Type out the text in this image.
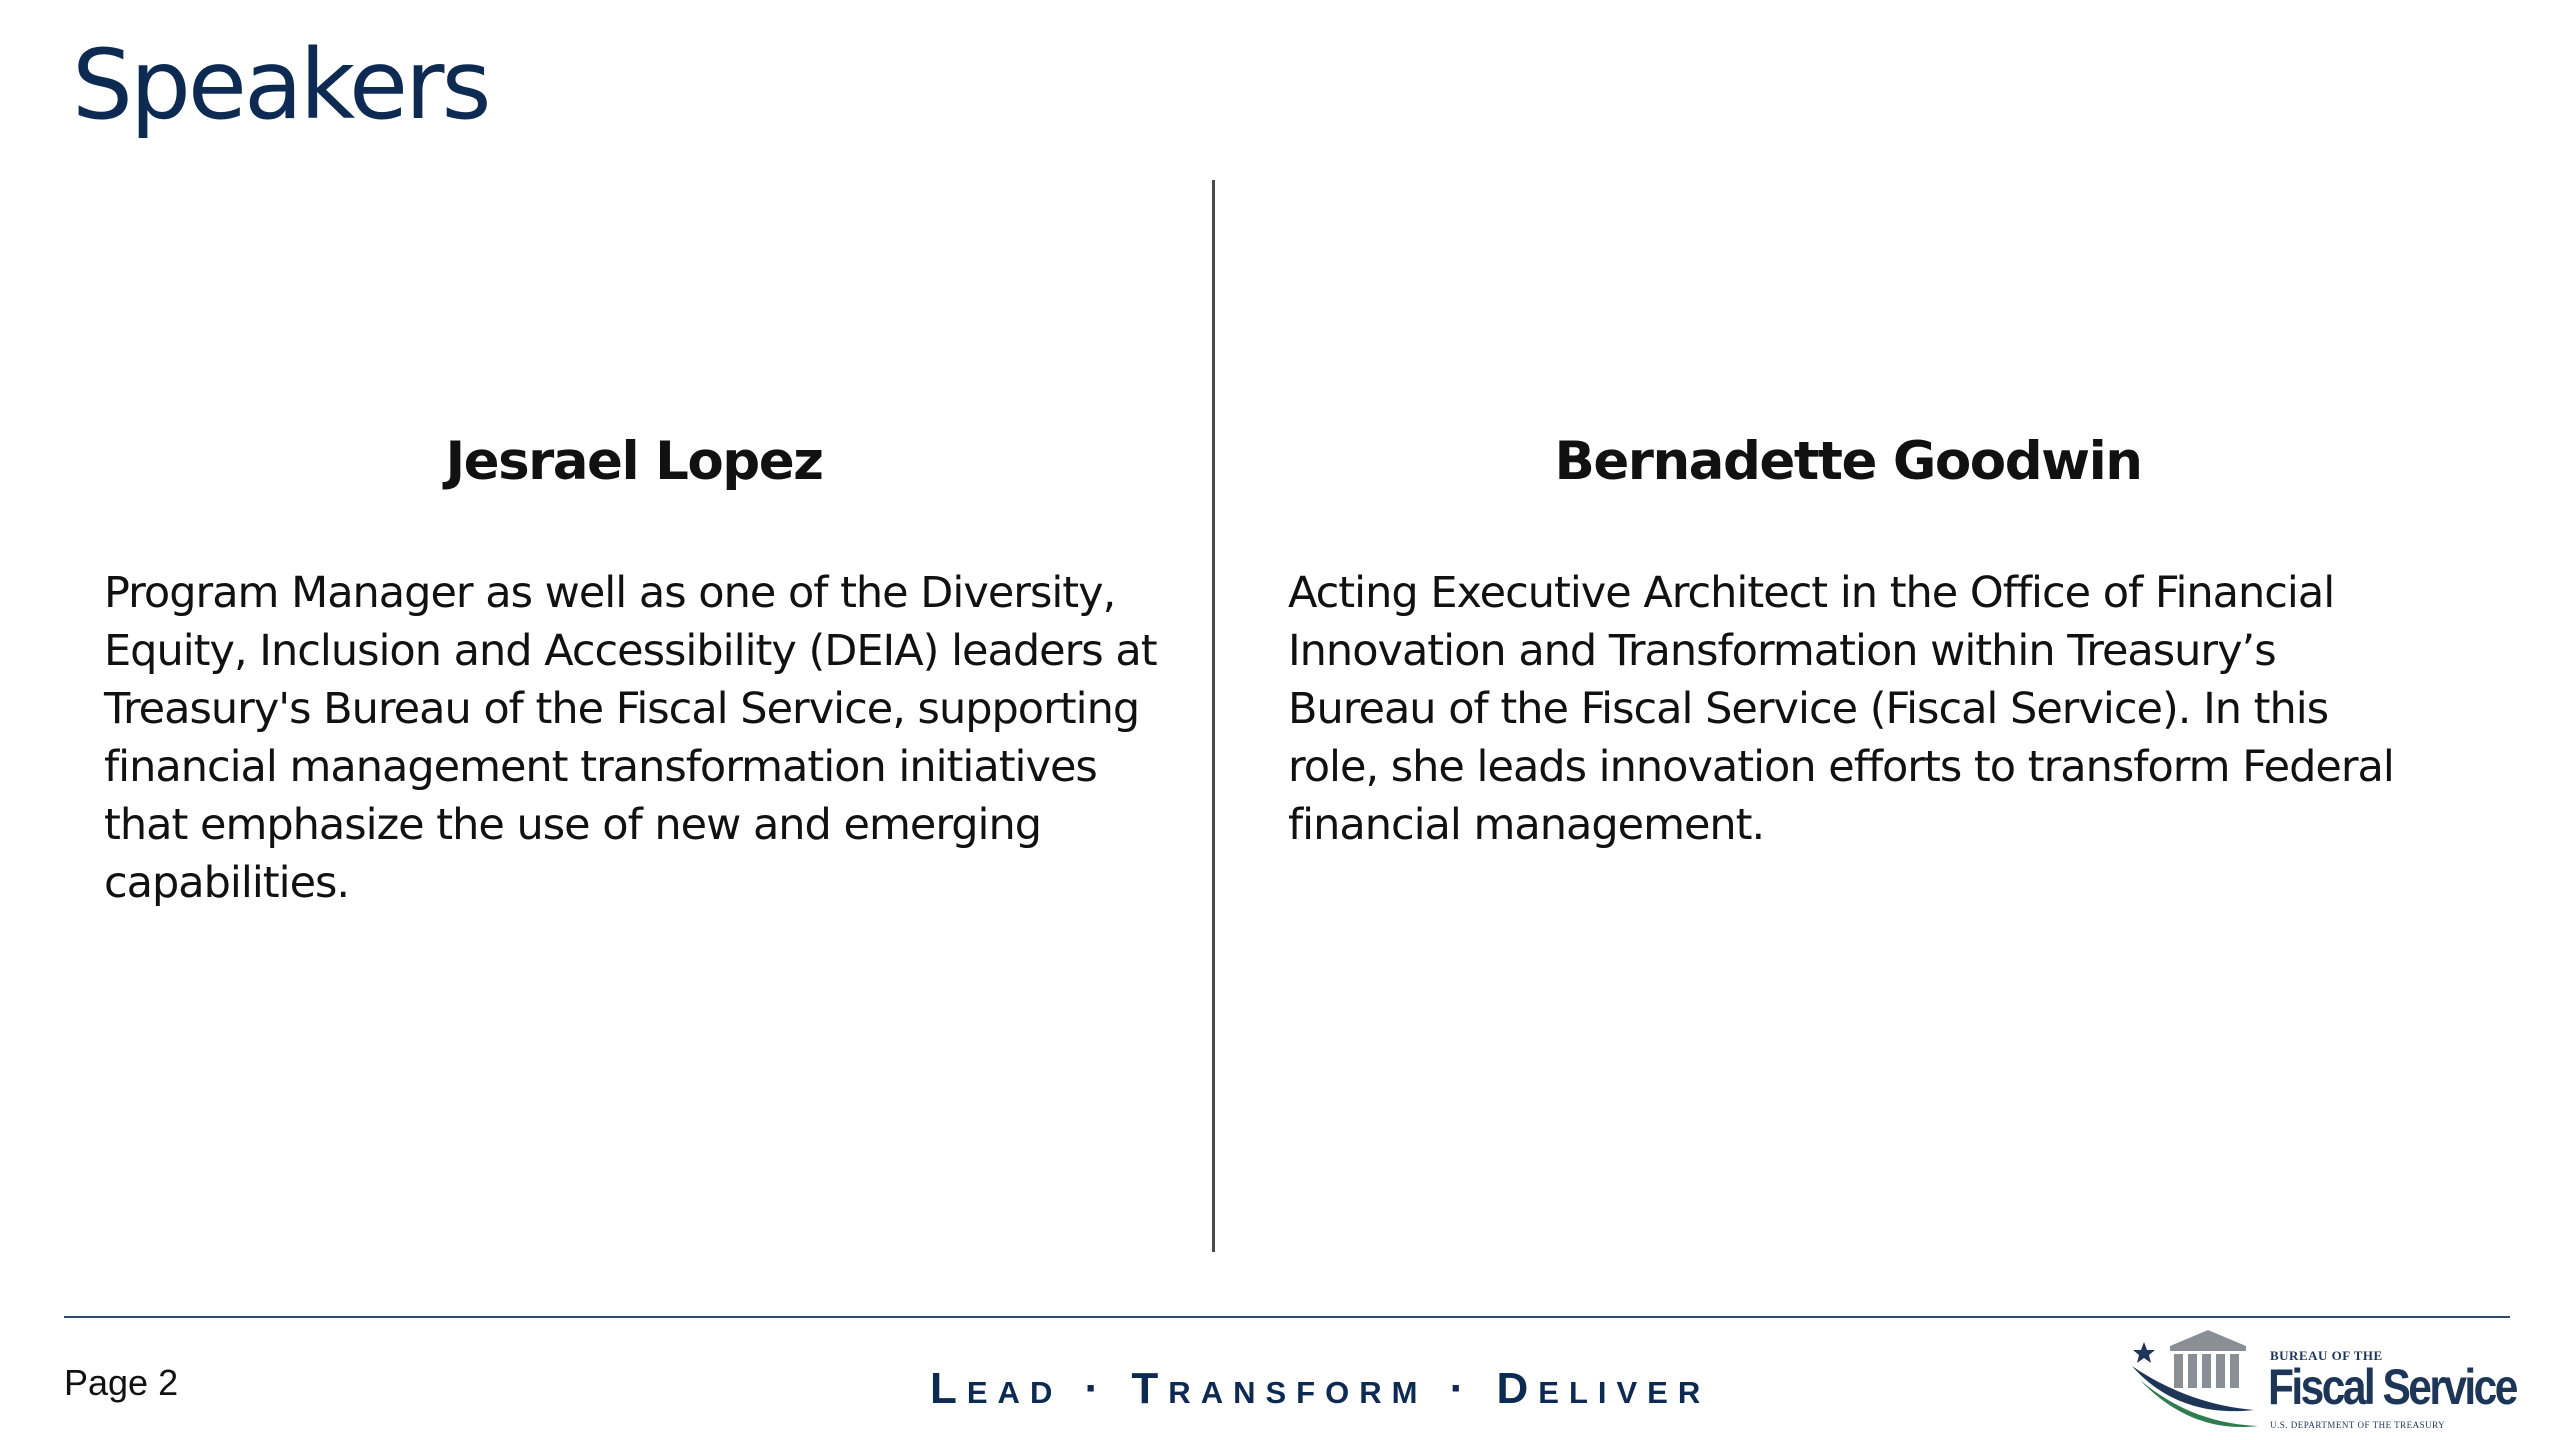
Speakers
Jesrael Lopez

Program Manager as well as one of the Diversity, Equity, Inclusion and Accessibility (DEIA) leaders at Treasury's Bureau of the Fiscal Service, supporting financial management transformation initiatives that emphasize the use of new and emerging capabilities.

Bernadette Goodwin

Acting Executive Architect in the Office of Financial Innovation and Transformation within Treasury’s Bureau of the Fiscal Service (Fiscal Service). In this role, she leads innovation efforts to transform Federal financial management.

Page 2	Lead · Transform · Deliver
BUREAU OF THE
Fiscal Service
U.S. DEPARTMENT OF THE TREASURY
